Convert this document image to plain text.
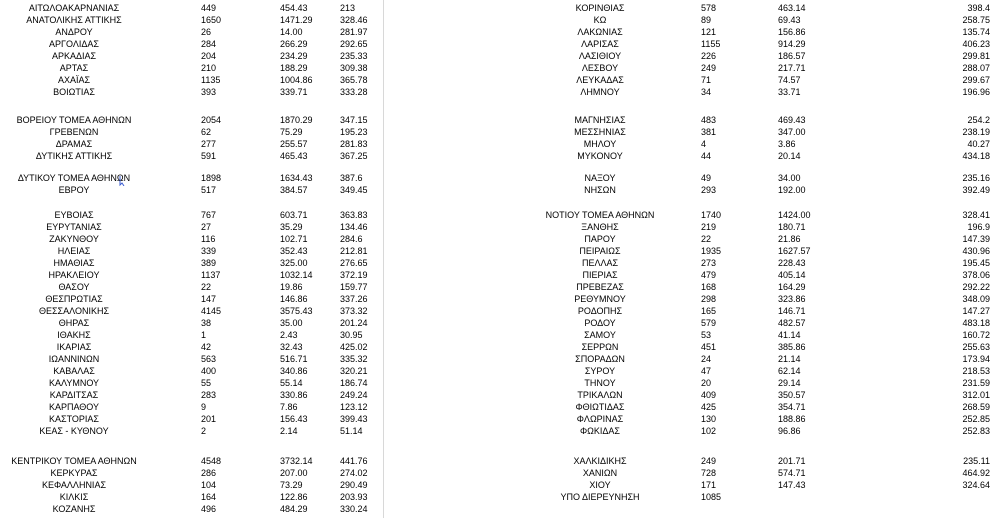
ΑΙΤΩΛΟΑΚΑΡΝΑΝΙΑΣ	449	454.43	213
ΑΝΑΤΟΛΙΚΗΣ ΑΤΤΙΚΗΣ	1650	1471.29	328.46
ΑΝΔΡΟΥ	26	14.00	281.97
ΑΡΓΟΛΙΔΑΣ	284	266.29	292.65
ΑΡΚΑΔΙΑΣ	204	234.29	235.33
ΑΡΤΑΣ	210	188.29	309.38
ΑΧΑΪΑΣ	1135	1004.86	365.78
ΒΟΙΩΤΙΑΣ	393	339.71	333.28
ΒΟΡΕΙΟΥ ΤΟΜΕΑ ΑΘΗΝΩΝ	2054	1870.29	347.15
ΓΡΕΒΕΝΩΝ	62	75.29	195.23
ΔΡΑΜΑΣ	277	255.57	281.83
ΔΥΤΙΚΗΣ ΑΤΤΙΚΗΣ	591	465.43	367.25
ΔΥΤΙΚΟΥ ΤΟΜΕΑ ΑΘΗΝΩΝ	1898	1634.43	387.6
ΕΒΡΟΥ	517	384.57	349.45
ΕΥΒΟΙΑΣ	767	603.71	363.83
ΕΥΡΥΤΑΝΙΑΣ	27	35.29	134.46
ΖΑΚΥΝΘΟΥ	116	102.71	284.6
ΗΛΕΙΑΣ	339	352.43	212.81
ΗΜΑΘΙΑΣ	389	325.00	276.65
ΗΡΑΚΛΕΙΟΥ	1137	1032.14	372.19
ΘΑΣΟΥ	22	19.86	159.77
ΘΕΣΠΡΩΤΙΑΣ	147	146.86	337.26
ΘΕΣΣΑΛΟΝΙΚΗΣ	4145	3575.43	373.32
ΘΗΡΑΣ	38	35.00	201.24
ΙΘΑΚΗΣ	1	2.43	30.95
ΙΚΑΡΙΑΣ	42	32.43	425.02
ΙΩΑΝΝΙΝΩΝ	563	516.71	335.32
ΚΑΒΑΛΑΣ	400	340.86	320.21
ΚΑΛΥΜΝΟΥ	55	55.14	186.74
ΚΑΡΔΙΤΣΑΣ	283	330.86	249.24
ΚΑΡΠΑΘΟΥ	9	7.86	123.12
ΚΑΣΤΟΡΙΑΣ	201	156.43	399.43
ΚΕΑΣ - ΚΥΘΝΟΥ	2	2.14	51.14
ΚΕΝΤΡΙΚΟΥ ΤΟΜΕΑ ΑΘΗΝΩΝ	4548	3732.14	441.76
ΚΕΡΚΥΡΑΣ	286	207.00	274.02
ΚΕΦΑΛΛΗΝΙΑΣ	104	73.29	290.49
ΚΙΛΚΙΣ	164	122.86	203.93
ΚΟΖΑΝΗΣ	496	484.29	330.24
ΚΟΡΙΝΘΙΑΣ	578	463.14	398.4
ΚΩ	89	69.43	258.75
ΛΑΚΩΝΙΑΣ	121	156.86	135.74
ΛΑΡΙΣΑΣ	1155	914.29	406.23
ΛΑΣΙΘΙΟΥ	226	186.57	299.81
ΛΕΣΒΟΥ	249	217.71	288.07
ΛΕΥΚΑΔΑΣ	71	74.57	299.67
ΛΗΜΝΟΥ	34	33.71	196.96
ΜΑΓΝΗΣΙΑΣ	483	469.43	254.2
ΜΕΣΣΗΝΙΑΣ	381	347.00	238.19
ΜΗΛΟΥ	4	3.86	40.27
ΜΥΚΟΝΟΥ	44	20.14	434.18
ΝΑΞΟΥ	49	34.00	235.16
ΝΗΣΩΝ	293	192.00	392.49
ΝΟΤΙΟΥ ΤΟΜΕΑ ΑΘΗΝΩΝ	1740	1424.00	328.41
ΞΑΝΘΗΣ	219	180.71	196.9
ΠΑΡΟΥ	22	21.86	147.39
ΠΕΙΡΑΙΩΣ	1935	1627.57	430.96
ΠΕΛΛΑΣ	273	228.43	195.45
ΠΙΕΡΙΑΣ	479	405.14	378.06
ΠΡΕΒΕΖΑΣ	168	164.29	292.22
ΡΕΘΥΜΝΟΥ	298	323.86	348.09
ΡΟΔΟΠΗΣ	165	146.71	147.27
ΡΟΔΟΥ	579	482.57	483.18
ΣΑΜΟΥ	53	41.14	160.72
ΣΕΡΡΩΝ	451	385.86	255.63
ΣΠΟΡΑΔΩΝ	24	21.14	173.94
ΣΥΡΟΥ	47	62.14	218.53
ΤΗΝΟΥ	20	29.14	231.59
ΤΡΙΚΑΛΩΝ	409	350.57	312.01
ΦΘΙΩΤΙΔΑΣ	425	354.71	268.59
ΦΛΩΡΙΝΑΣ	130	188.86	252.85
ΦΩΚΙΔΑΣ	102	96.86	252.83
ΧΑΛΚΙΔΙΚΗΣ	249	201.71	235.11
ΧΑΝΙΩΝ	728	574.71	464.92
ΧΙΟΥ	171	147.43	324.64
ΥΠΟ ΔΙΕΡΕΥΝΗΣΗ	1085
